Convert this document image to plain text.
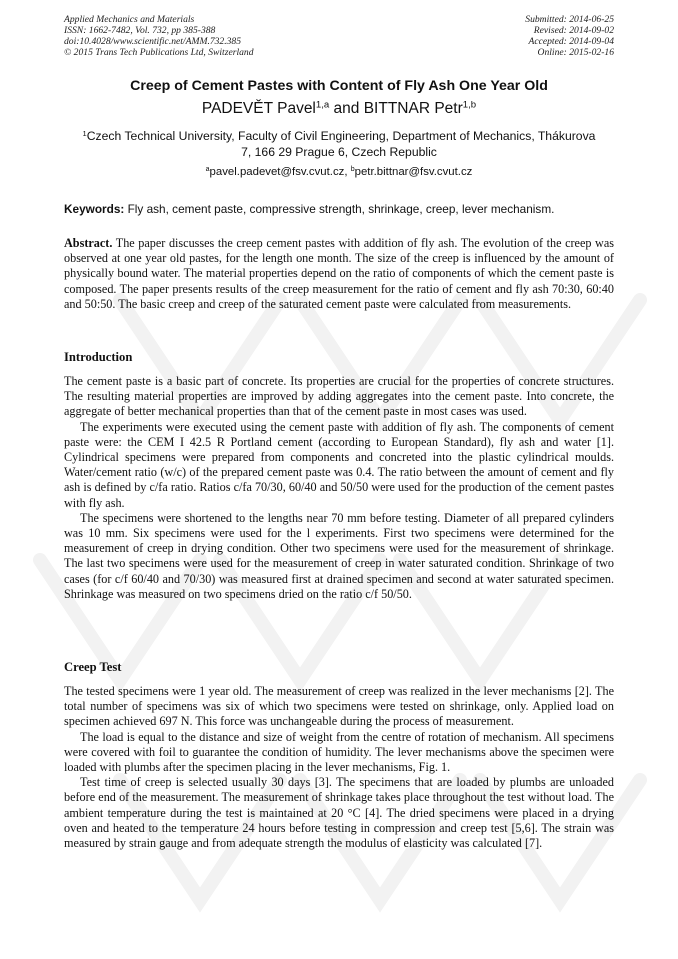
Applied Mechanics and Materials
ISSN: 1662-7482, Vol. 732, pp 385-388
doi:10.4028/www.scientific.net/AMM.732.385
© 2015 Trans Tech Publications Ltd, Switzerland
Submitted: 2014-06-25
Revised: 2014-09-02
Accepted: 2014-09-04
Online: 2015-02-16
Creep of Cement Pastes with Content of Fly Ash One Year Old
PADEVĚT Pavel$^{1,a}$ and BITTNAR Petr$^{1,b}$
$^1$Czech Technical University, Faculty of Civil Engineering, Department of Mechanics, Thákurova 7, 166 29 Prague 6, Czech Republic
$^a$pavel.padevet@fsv.cvut.cz, $^b$petr.bittnar@fsv.cvut.cz
Keywords: Fly ash, cement paste, compressive strength, shrinkage, creep, lever mechanism.

Abstract. The paper discusses the creep cement pastes with addition of fly ash. The evolution of the creep was observed at one year old pastes, for the length one month. The size of the creep is influenced by the amount of physically bound water. The material properties depend on the ratio of components of which the cement paste is composed. The paper presents results of the creep measurement for the ratio of cement and fly ash 70:30, 60:40 and 50:50. The basic creep and creep of the saturated cement paste were calculated from measurements.

Introduction

The cement paste is a basic part of concrete. Its properties are crucial for the properties of concrete structures. The resulting material properties are improved by adding aggregates into the cement paste. Into concrete, the aggregate of better mechanical properties than that of the cement paste in most cases was used.

The experiments were executed using the cement paste with addition of fly ash. The components of cement paste were: the CEM I 42.5 R Portland cement (according to European Standard), fly ash and water [1]. Cylindrical specimens were prepared from components and concreted into the plastic cylindrical moulds. Water/cement ratio (w/c) of the prepared cement paste was 0.4. The ratio between the amount of cement and fly ash is defined by c/fa ratio. Ratios c/fa 70/30, 60/40 and 50/50 were used for the production of the cement pastes with fly ash.

The specimens were shortened to the lengths near 70 mm before testing. Diameter of all prepared cylinders was 10 mm. Six specimens were used for the l experiments. First two specimens were determined for the measurement of creep in drying condition. Other two specimens were used for the measurement of shrinkage. The last two specimens were used for the measurement of creep in water saturated condition. Shrinkage of two cases (for c/f 60/40 and 70/30) was measured first at drained specimen and second at water saturated specimen. Shrinkage was measured on two specimens dried on the ratio c/f 50/50.

Creep Test

The tested specimens were 1 year old. The measurement of creep was realized in the lever mechanisms [2]. The total number of specimens was six of which two specimens were tested on shrinkage, only. Applied load on specimen achieved 697 N. This force was unchangeable during the process of measurement.

The load is equal to the distance and size of weight from the centre of rotation of mechanism. All specimens were covered with foil to guarantee the condition of humidity. The lever mechanisms above the specimen were loaded with plumbs after the specimen placing in the lever mechanisms, Fig. 1.

Test time of creep is selected usually 30 days [3]. The specimens that are loaded by plumbs are unloaded before end of the measurement. The measurement of shrinkage takes place throughout the test without load. The ambient temperature during the test is maintained at 20 °C [4]. The dried specimens were placed in a drying oven and heated to the temperature 24 hours before testing in compression and creep test [5,6]. The strain was measured by strain gauge and from adequate strength the modulus of elasticity was calculated [7].
